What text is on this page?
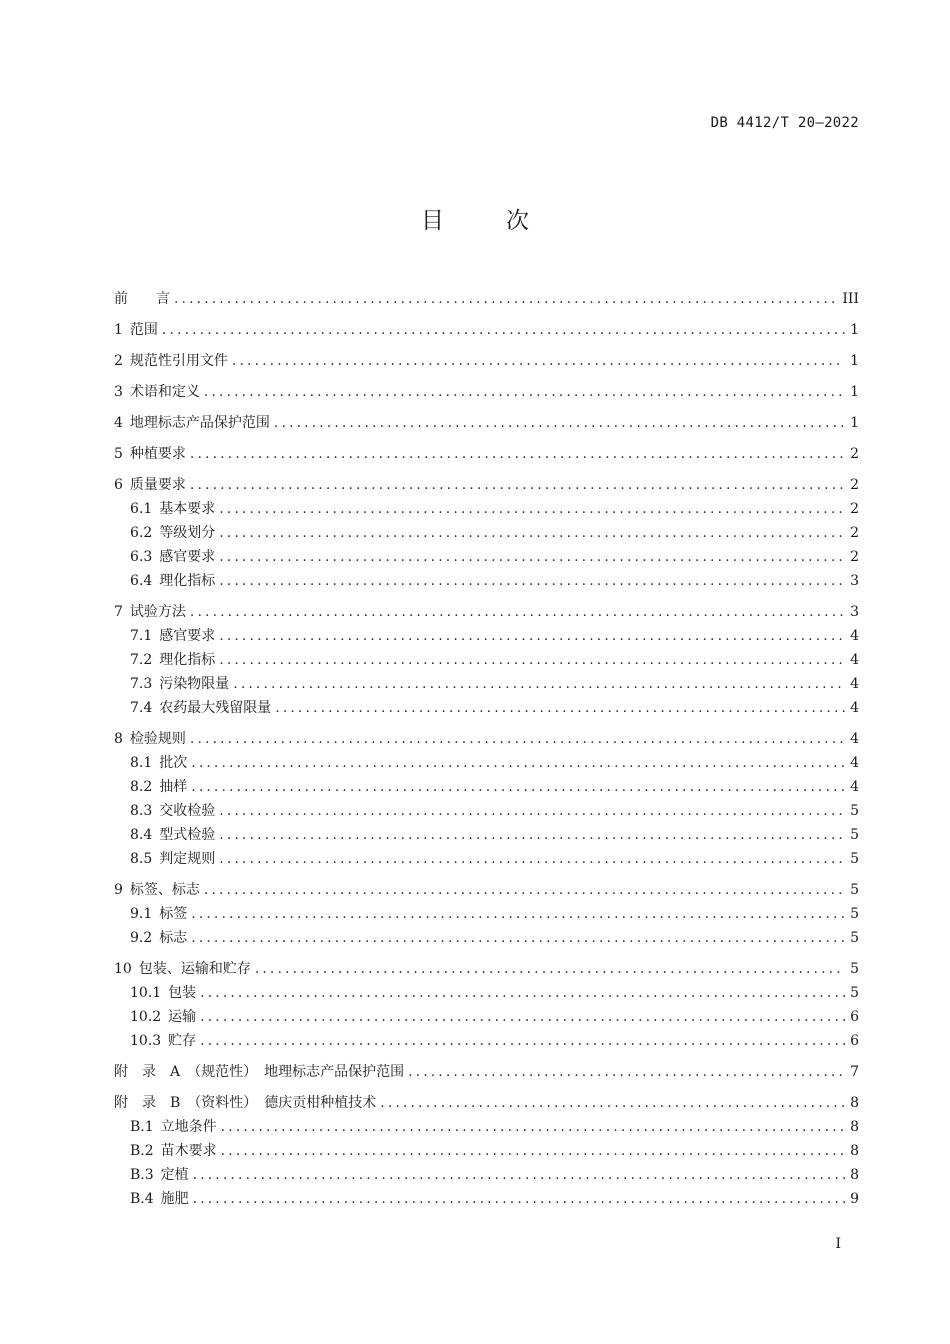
DB 4412/T 20—2022
目次
前　　言 .....	III
1 范围 .....	1
2 规范性引用文件 .....	1
3 术语和定义 .....	1
4 地理标志产品保护范围 .....	1
5 种植要求 .....	2
6 质量要求 .....	2
6.1 基本要求 .....	2
6.2 等级划分 .....	2
6.3 感官要求 .....	2
6.4 理化指标 .....	3
7 试验方法 .....	3
7.1 感官要求 .....	4
7.2 理化指标 .....	4
7.3 污染物限量 .....	4
7.4 农药最大残留限量 .....	4
8 检验规则 .....	4
8.1 批次 .....	4
8.2 抽样 .....	4
8.3 交收检验 .....	5
8.4 型式检验 .....	5
8.5 判定规则 .....	5
9 标签、标志 .....	5
9.1 标签 .....	5
9.2 标志 .....	5
10 包装、运输和贮存 .....	5
10.1 包装 .....	5
10.2 运输 .....	6
10.3 贮存 .....	6
附　录　A　（规范性）　地理标志产品保护范围 .....	7
附　录　B　（资料性）　德庆贡柑种植技术 .....	8
B.1 立地条件 .....	8
B.2 苗木要求 .....	8
B.3 定植 .....	8
B.4 施肥 .....	9
I
